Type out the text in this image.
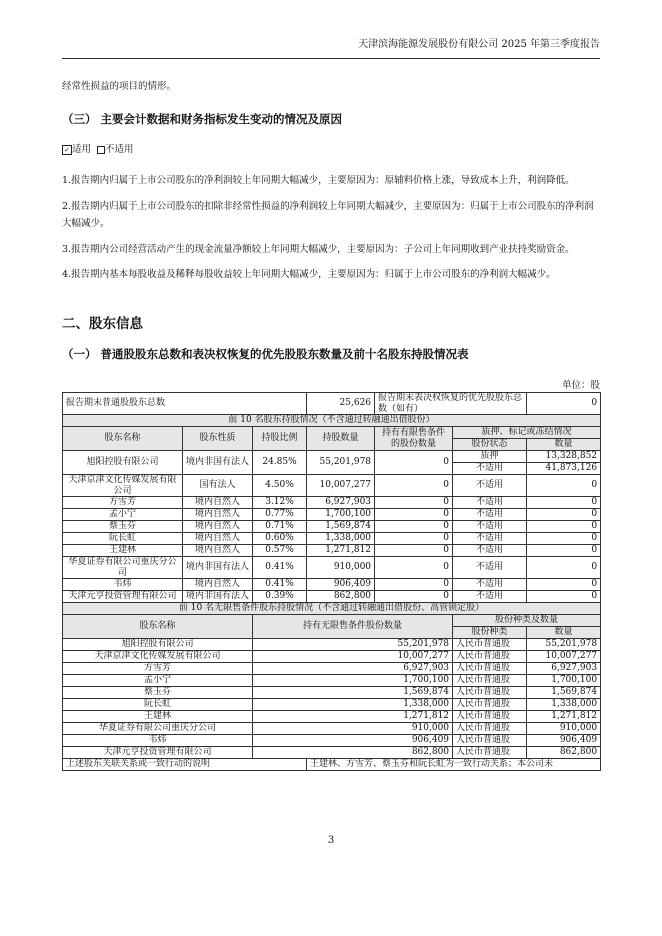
天津滨海能源发展股份有限公司 2025 年第三季度报告
经常性损益的项目的情形。
（三） 主要会计数据和财务指标发生变动的情况及原因
✓ 适用 不适用

1.报告期内归属于上市公司股东的净利润较上年同期大幅减少，主要原因为：原辅料价格上涨，导致成本上升，利润降低。

2.报告期内归属于上市公司股东的扣除非经常性损益的净利润较上年同期大幅减少，主要原因为：归属于上市公司股东的净利润大幅减少。

3.报告期内公司经营活动产生的现金流量净额较上年同期大幅减少，主要原因为：子公司上年同期收到产业扶持奖励资金。

4.报告期内基本每股收益及稀释每股收益较上年同期大幅减少，主要原因为：归属于上市公司股东的净利润大幅减少。

二、股东信息
（一） 普通股股东总数和表决权恢复的优先股股东数量及前十名股东持股情况表
单位：股
报告期末普通股股东总数			25,626	报告期末表决权恢复的优先股股东总数（如有）		0
前 10 名股东持股情况（不含通过转融通出借股份）						
股东名称	股东性质	持股比例	持股数量	持有有限售条件的股份数量	质押、标记或冻结情况	
					股份状态	数量
旭阳控股有限公司	境内非国有法人	24.85%	55,201,978	0	质押	13,328,852
					不适用	41,873,126
天津京津文化传媒发展有限公司	国有法人	4.50%	10,007,277	0	不适用	0
方雪芳	境内自然人	3.12%	6,927,903	0	不适用	0
孟小宁	境内自然人	0.77%	1,700,100	0	不适用	0
蔡玉芬	境内自然人	0.71%	1,569,874	0	不适用	0
阮长虹	境内自然人	0.60%	1,338,000	0	不适用	0
王建林	境内自然人	0.57%	1,271,812	0	不适用	0
华夏证券有限公司重庆分公司	境内非国有法人	0.41%	910,000	0	不适用	0
韦炜	境内自然人	0.41%	906,409	0	不适用	0
天津元亨投资管理有限公司	境内非国有法人	0.39%	862,800	0	不适用	0
前 10 名无限售条件股东持股情况（不含通过转融通出借股份、高管锁定股）						
股东名称		持有无限售条件股份数量			股份种类及数量	
					股份种类	数量
旭阳控股有限公司		55,201,978			人民币普通股	55,201,978
天津京津文化传媒发展有限公司		10,007,277			人民币普通股	10,007,277
方雪芳		6,927,903			人民币普通股	6,927,903
孟小宁		1,700,100			人民币普通股	1,700,100
蔡玉芬		1,569,874			人民币普通股	1,569,874
阮长虹		1,338,000			人民币普通股	1,338,000
王建林		1,271,812			人民币普通股	1,271,812
华夏证券有限公司重庆分公司		910,000			人民币普通股	910,000
韦炜		906,409			人民币普通股	906,409
天津元亨投资管理有限公司		862,800			人民币普通股	862,800
上述股东关联关系或一致行动的说明			王建林、方雪芳、蔡玉芬和阮长虹为一致行动关系；本公司未			
3
